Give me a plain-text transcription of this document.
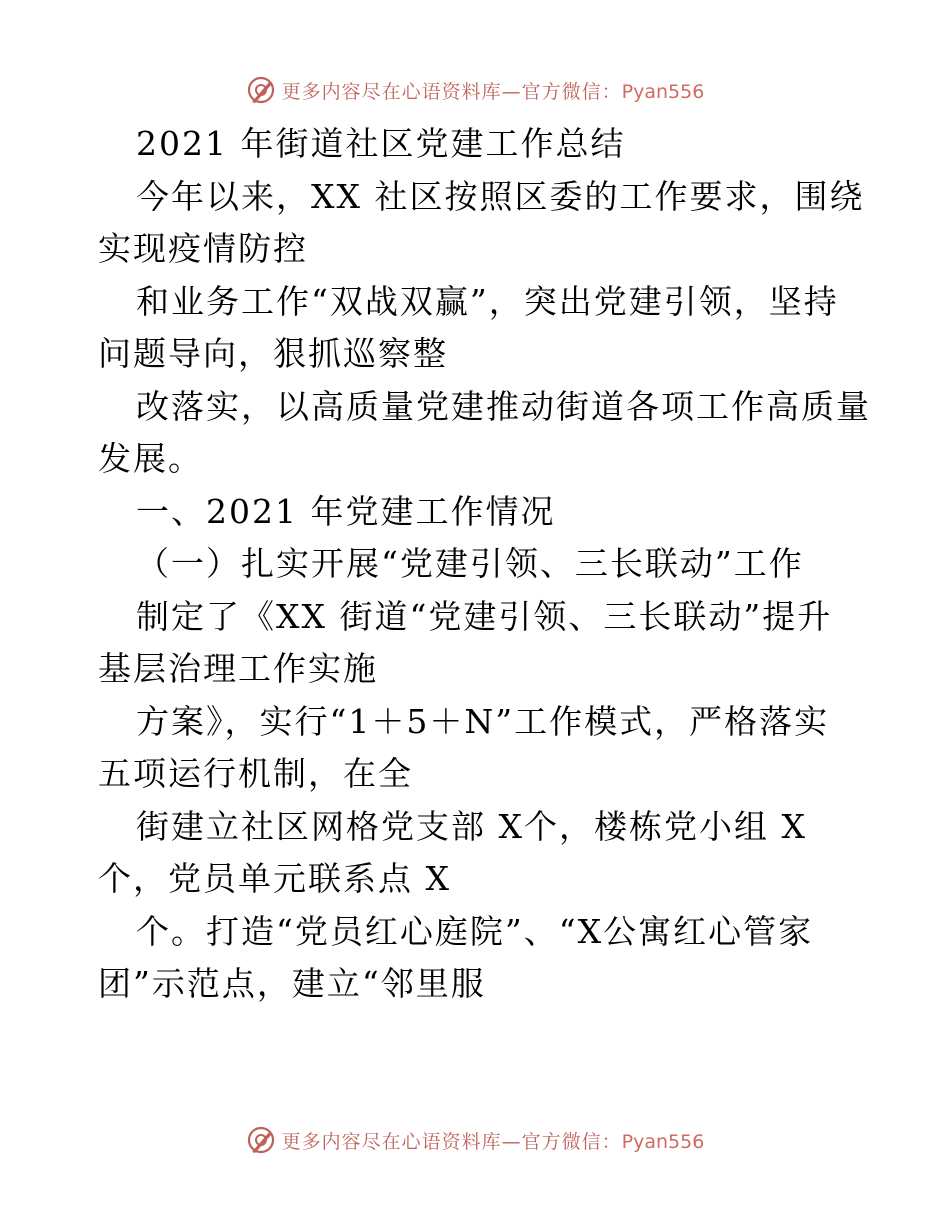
更多内容尽在心语资料库—官方微信：Pyan556
2021 年街道社区党建工作总结
今年以来，XX 社区按照区委的工作要求，围绕
实现疫情防控
和业务工作“双战双赢”，突出党建引领，坚持
问题导向，狠抓巡察整
改落实，以高质量党建推动街道各项工作高质量
发展。
一、2021 年党建工作情况
（一）扎实开展“党建引领、三长联动”工作
制定了《XX 街道“党建引领、三长联动”提升
基层治理工作实施
方案》，实行“1＋5＋N”工作模式，严格落实
五项运行机制，在全
街建立社区网格党支部 X个，楼栋党小组 X
个，党员单元联系点 X
个。打造“党员红心庭院”、“X公寓红心管家
团”示范点，建立“邻里服
更多内容尽在心语资料库—官方微信：Pyan556
